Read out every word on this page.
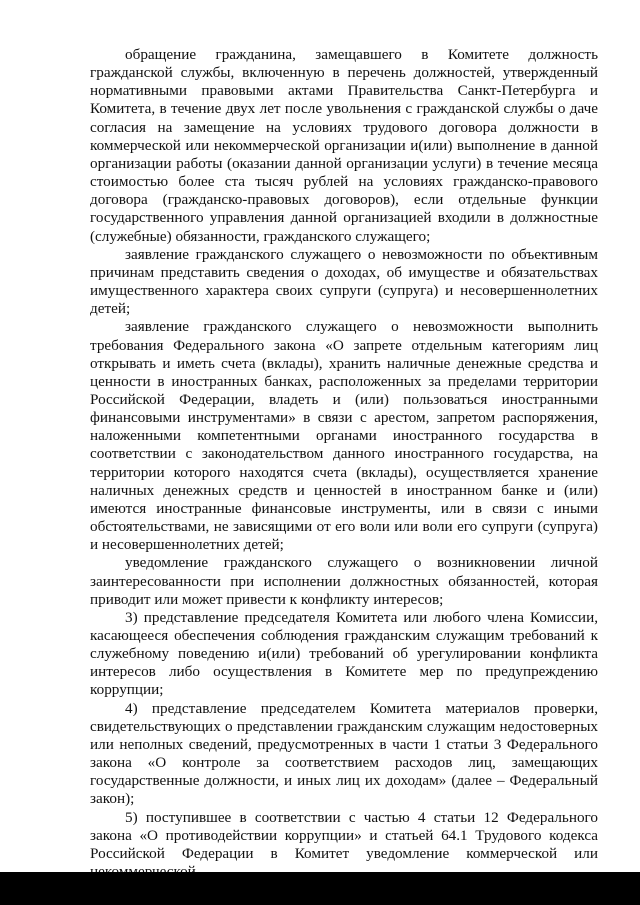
обращение гражданина, замещавшего в Комитете должность гражданской службы, включенную в перечень должностей, утвержденный нормативными правовыми актами Правительства Санкт-Петербурга и Комитета, в течение двух лет после увольнения с гражданской службы о даче согласия на замещение на условиях трудового договора должности в коммерческой или некоммерческой организации и(или) выполнение в данной организации работы (оказании данной организации услуги) в течение месяца стоимостью более ста тысяч рублей на условиях гражданско-правового договора (гражданско-правовых договоров), если отдельные функции государственного управления данной организацией входили в должностные (служебные) обязанности, гражданского служащего;

заявление гражданского служащего о невозможности по объективным причинам представить сведения о доходах, об имуществе и обязательствах имущественного характера своих супруги (супруга) и несовершеннолетних детей;

заявление гражданского служащего о невозможности выполнить требования Федерального закона «О запрете отдельным категориям лиц открывать и иметь счета (вклады), хранить наличные денежные средства и ценности в иностранных банках, расположенных за пределами территории Российской Федерации, владеть и (или) пользоваться иностранными финансовыми инструментами» в связи с арестом, запретом распоряжения, наложенными компетентными органами иностранного государства в соответствии с законодательством данного иностранного государства, на территории которого находятся счета (вклады), осуществляется хранение наличных денежных средств и ценностей в иностранном банке и (или) имеются иностранные финансовые инструменты, или в связи с иными обстоятельствами, не зависящими от его воли или воли его супруги (супруга) и несовершеннолетних детей;

уведомление гражданского служащего о возникновении личной заинтересованности при исполнении должностных обязанностей, которая приводит или может привести к конфликту интересов;

3) представление председателя Комитета или любого члена Комиссии, касающееся обеспечения соблюдения гражданским служащим требований к служебному поведению и(или) требований об урегулировании конфликта интересов либо осуществления в Комитете мер по предупреждению коррупции;

4) представление председателем Комитета материалов проверки, свидетельствующих о представлении гражданским служащим недостоверных или неполных сведений, предусмотренных в части 1 статьи 3 Федерального закона «О контроле за соответствием расходов лиц, замещающих государственные должности, и иных лиц их доходам» (далее – Федеральный закон);

5) поступившее в соответствии с частью 4 статьи 12 Федерального закона «О противодействии коррупции» и статьей 64.1 Трудового кодекса Российской Федерации в Комитет уведомление коммерческой или
